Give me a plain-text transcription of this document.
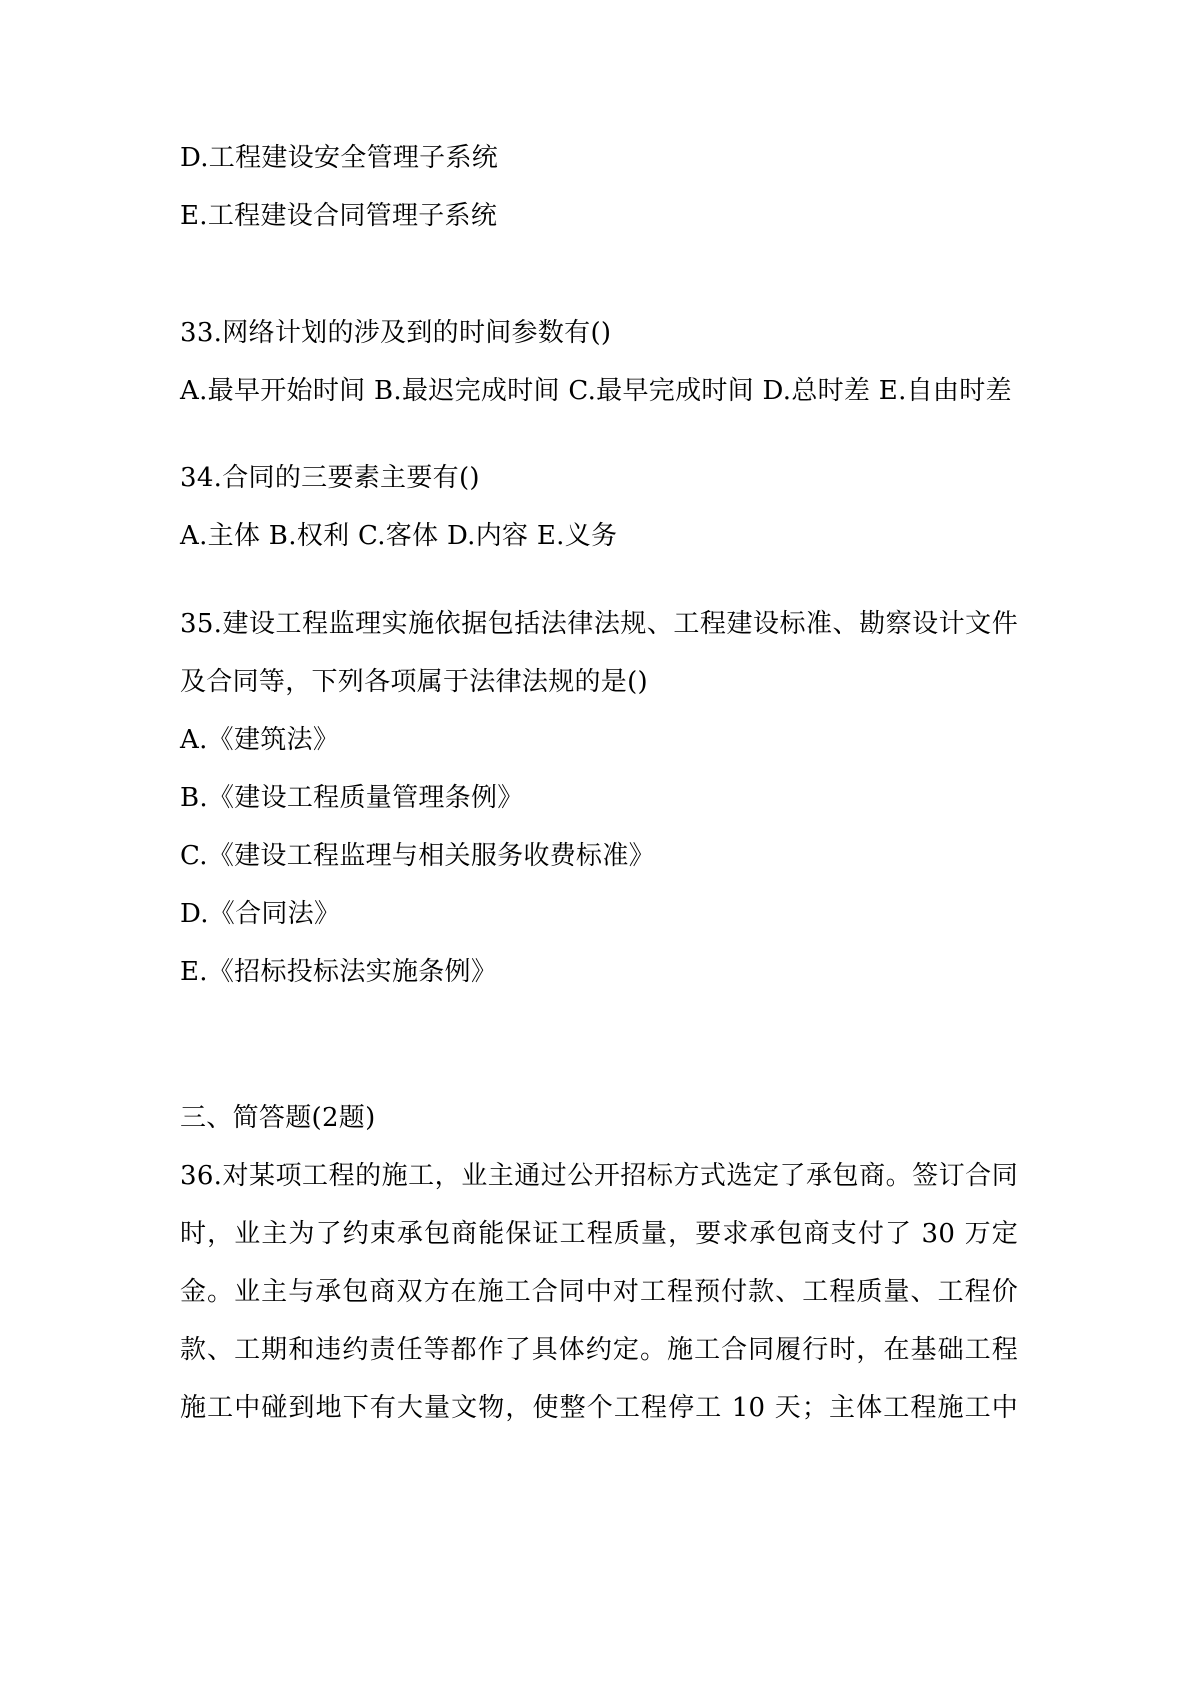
D.工程建设安全管理子系统
E.工程建设合同管理子系统
33.网络计划的涉及到的时间参数有()
A.最早开始时间 B.最迟完成时间 C.最早完成时间 D.总时差 E.自由时差
34.合同的三要素主要有()
A.主体 B.权利 C.客体 D.内容 E.义务
35.建设工程监理实施依据包括法律法规、工程建设标准、勘察设计文件
及合同等，下列各项属于法律法规的是()
A.《建筑法》
B.《建设工程质量管理条例》
C.《建设工程监理与相关服务收费标准》
D.《合同法》
E.《招标投标法实施条例》
三、简答题(2题)
36.对某项工程的施工，业主通过公开招标方式选定了承包商。签订合同
时，业主为了约束承包商能保证工程质量，要求承包商支付了 30 万定
金。业主与承包商双方在施工合同中对工程预付款、工程质量、工程价
款、工期和违约责任等都作了具体约定。施工合同履行时，在基础工程
施工中碰到地下有大量文物，使整个工程停工 10 天；主体工程施工中
